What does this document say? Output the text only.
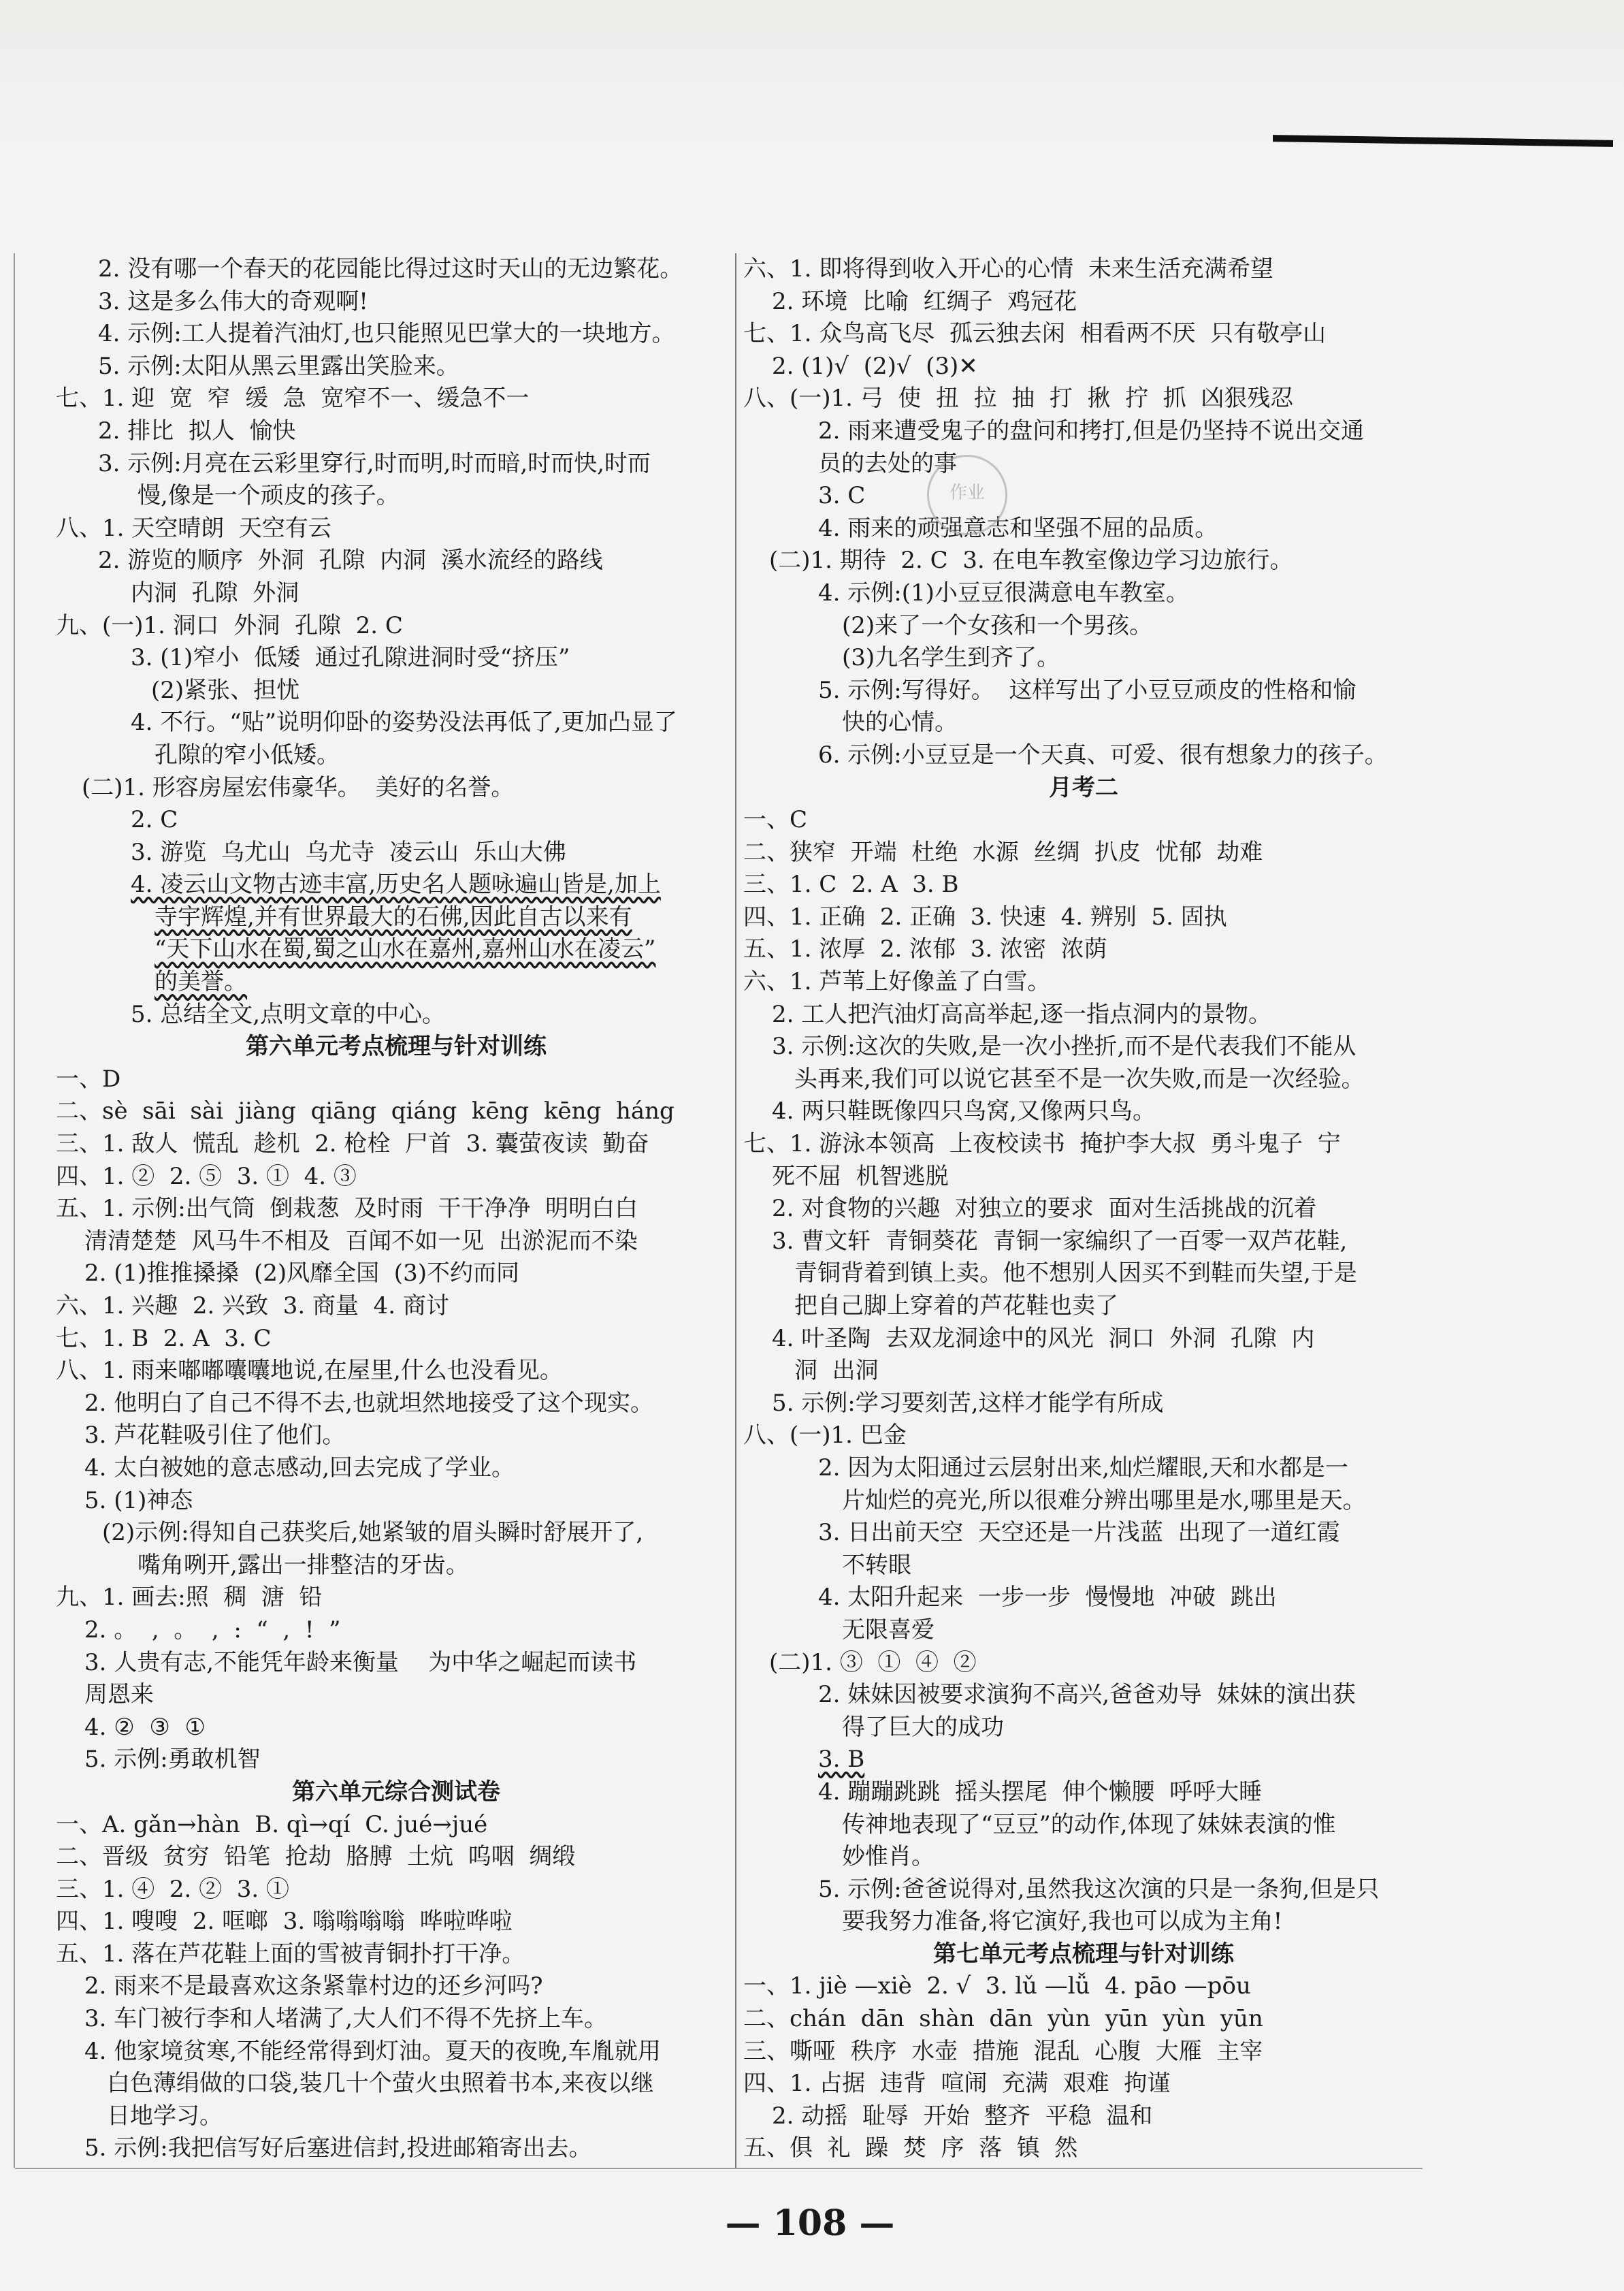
2. 没有哪一个春天的花园能比得过这时天山的无边繁花。
3. 这是多么伟大的奇观啊!
4. 示例:工人提着汽油灯,也只能照见巴掌大的一块地方。
5. 示例:太阳从黑云里露出笑脸来。
七、1. 迎  宽  窄  缓  急  宽窄不一、缓急不一
2. 排比  拟人  愉快
3. 示例:月亮在云彩里穿行,时而明,时而暗,时而快,时而
慢,像是一个顽皮的孩子。
八、1. 天空晴朗  天空有云
2. 游览的顺序  外洞  孔隙  内洞  溪水流经的路线
内洞  孔隙  外洞
九、(一)1. 洞口  外洞  孔隙  2. C
3. (1)窄小  低矮  通过孔隙进洞时受“挤压”
(2)紧张、担忧
4. 不行。“贴”说明仰卧的姿势没法再低了,更加凸显了
孔隙的窄小低矮。
(二)1. 形容房屋宏伟豪华。  美好的名誉。
2. C
3. 游览  乌尤山  乌尤寺  凌云山  乐山大佛
4. 凌云山文物古迹丰富,历史名人题咏遍山皆是,加上
寺宇辉煌,并有世界最大的石佛,因此自古以来有
“天下山水在蜀,蜀之山水在嘉州,嘉州山水在凌云”
的美誉。
5. 总结全文,点明文章的中心。
第六单元考点梳理与针对训练
一、D
二、sè  sāi  sài  jiàng  qiāng  qiáng  kēng  kēng  háng
三、1. 敌人  慌乱  趁机  2. 枪栓  尸首  3. 囊萤夜读  勤奋
四、1. ②  2. ⑤  3. ①  4. ③
五、1. 示例:出气筒  倒栽葱  及时雨  干干净净  明明白白
清清楚楚  风马牛不相及  百闻不如一见  出淤泥而不染
2. (1)推推搡搡  (2)风靡全国  (3)不约而同
六、1. 兴趣  2. 兴致  3. 商量  4. 商讨
七、1. B  2. A  3. C
八、1. 雨来嘟嘟囔囔地说,在屋里,什么也没看见。
2. 他明白了自己不得不去,也就坦然地接受了这个现实。
3. 芦花鞋吸引住了他们。
4. 太白被她的意志感动,回去完成了学业。
5. (1)神态
(2)示例:得知自己获奖后,她紧皱的眉头瞬时舒展开了,
嘴角咧开,露出一排整洁的牙齿。
九、1. 画去:照  稠  溏  铅
2. 。  ,  。  ,  :  “  ,  !  ”
3. 人贵有志,不能凭年龄来衡量    为中华之崛起而读书
周恩来
4. ②  ③  ①
5. 示例:勇敢机智
第六单元综合测试卷
一、A. gǎn→hàn  B. qì→qí  C. jué→jué
二、晋级  贫穷  铅笔  抢劫  胳膊  土炕  呜咽  绸缎
三、1. ④  2. ②  3. ①
四、1. 嗖嗖  2. 哐啷  3. 嗡嗡嗡嗡  哗啦哗啦
五、1. 落在芦花鞋上面的雪被青铜扑打干净。
2. 雨来不是最喜欢这条紧靠村边的还乡河吗?
3. 车门被行李和人堵满了,大人们不得不先挤上车。
4. 他家境贫寒,不能经常得到灯油。夏天的夜晚,车胤就用
白色薄绢做的口袋,装几十个萤火虫照着书本,来夜以继
日地学习。
5. 示例:我把信写好后塞进信封,投进邮箱寄出去。
六、1. 即将得到收入开心的心情  未来生活充满希望
2. 环境  比喻  红绸子  鸡冠花
七、1. 众鸟高飞尽  孤云独去闲  相看两不厌  只有敬亭山
2. (1)√  (2)√  (3)✕
八、(一)1. 弓  使  扭  拉  抽  打  揪  拧  抓  凶狠残忍
2. 雨来遭受鬼子的盘问和拷打,但是仍坚持不说出交通
员的去处的事
3. C
4. 雨来的顽强意志和坚强不屈的品质。
(二)1. 期待  2. C  3. 在电车教室像边学习边旅行。
4. 示例:(1)小豆豆很满意电车教室。
(2)来了一个女孩和一个男孩。
(3)九名学生到齐了。
5. 示例:写得好。  这样写出了小豆豆顽皮的性格和愉
快的心情。
6. 示例:小豆豆是一个天真、可爱、很有想象力的孩子。
月考二
一、C
二、狭窄  开端  杜绝  水源  丝绸  扒皮  忧郁  劫难
三、1. C  2. A  3. B
四、1. 正确  2. 正确  3. 快速  4. 辨别  5. 固执
五、1. 浓厚  2. 浓郁  3. 浓密  浓荫
六、1. 芦苇上好像盖了白雪。
2. 工人把汽油灯高高举起,逐一指点洞内的景物。
3. 示例:这次的失败,是一次小挫折,而不是代表我们不能从
头再来,我们可以说它甚至不是一次失败,而是一次经验。
4. 两只鞋既像四只鸟窝,又像两只鸟。
七、1. 游泳本领高  上夜校读书  掩护李大叔  勇斗鬼子  宁
死不屈  机智逃脱
2. 对食物的兴趣  对独立的要求  面对生活挑战的沉着
3. 曹文轩  青铜葵花  青铜一家编织了一百零一双芦花鞋,
青铜背着到镇上卖。他不想别人因买不到鞋而失望,于是
把自己脚上穿着的芦花鞋也卖了
4. 叶圣陶  去双龙洞途中的风光  洞口  外洞  孔隙  内
洞  出洞
5. 示例:学习要刻苦,这样才能学有所成
八、(一)1. 巴金
2. 因为太阳通过云层射出来,灿烂耀眼,天和水都是一
片灿烂的亮光,所以很难分辨出哪里是水,哪里是天。
3. 日出前天空  天空还是一片浅蓝  出现了一道红霞
不转眼
4. 太阳升起来  一步一步  慢慢地  冲破  跳出
无限喜爱
(二)1. ③  ①  ④  ②
2. 妹妹因被要求演狗不高兴,爸爸劝导  妹妹的演出获
得了巨大的成功
3. B
4. 蹦蹦跳跳  摇头摆尾  伸个懒腰  呼呼大睡
传神地表现了“豆豆”的动作,体现了妹妹表演的惟
妙惟肖。
5. 示例:爸爸说得对,虽然我这次演的只是一条狗,但是只
要我努力准备,将它演好,我也可以成为主角!
第七单元考点梳理与针对训练
一、1. jiè —xiè  2. √  3. lǔ —lǚ  4. pāo —pōu
二、chán  dān  shàn  dān  yùn  yūn  yùn  yūn
三、嘶哑  秩序  水壶  措施  混乱  心腹  大雁  主宰
四、1. 占据  违背  喧闹  充满  艰难  拘谨
2. 动摇  耻辱  开始  整齐  平稳  温和
五、俱  礼  躁  焚  序  落  镇  然
作业
— 108 —
